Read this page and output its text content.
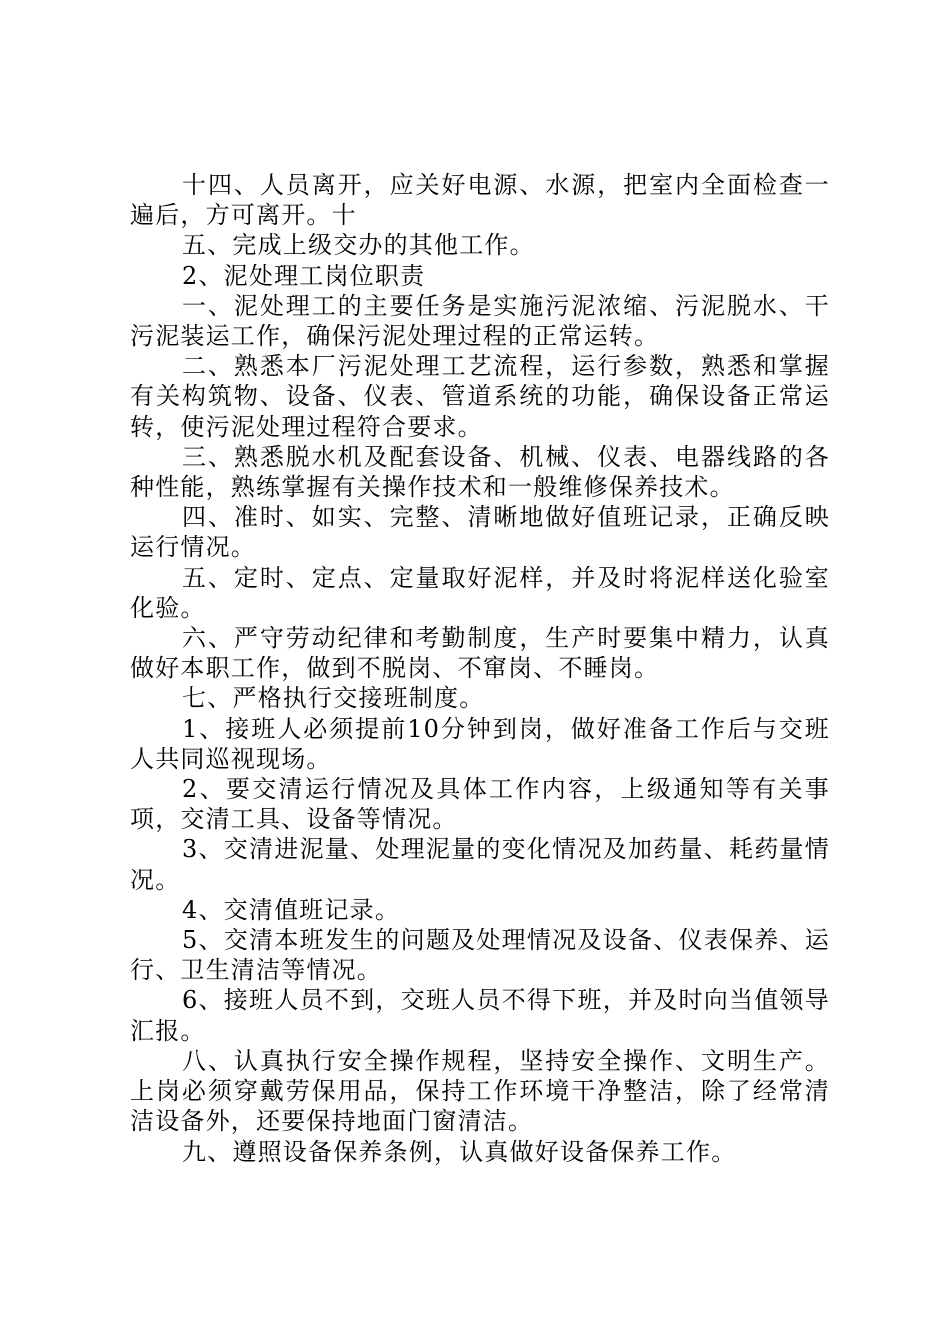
十四、人员离开，应关好电源、水源，把室内全面检查一遍后，方可离开。十

五、完成上级交办的其他工作。

2、泥处理工岗位职责

一、泥处理工的主要任务是实施污泥浓缩、污泥脱水、干污泥装运工作，确保污泥处理过程的正常运转。

二、熟悉本厂污泥处理工艺流程，运行参数，熟悉和掌握有关构筑物、设备、仪表、管道系统的功能，确保设备正常运转，使污泥处理过程符合要求。

三、熟悉脱水机及配套设备、机械、仪表、电器线路的各种性能，熟练掌握有关操作技术和一般维修保养技术。

四、准时、如实、完整、清晰地做好值班记录，正确反映运行情况。

五、定时、定点、定量取好泥样，并及时将泥样送化验室化验。

六、严守劳动纪律和考勤制度，生产时要集中精力，认真做好本职工作，做到不脱岗、不窜岗、不睡岗。

七、严格执行交接班制度。

1、接班人必须提前10分钟到岗，做好准备工作后与交班人共同巡视现场。

2、要交清运行情况及具体工作内容，上级通知等有关事项，交清工具、设备等情况。

3、交清进泥量、处理泥量的变化情况及加药量、耗药量情况。

4、交清值班记录。

5、交清本班发生的问题及处理情况及设备、仪表保养、运行、卫生清洁等情况。

6、接班人员不到，交班人员不得下班，并及时向当值领导汇报。

八、认真执行安全操作规程，坚持安全操作、文明生产。上岗必须穿戴劳保用品，保持工作环境干净整洁，除了经常清洁设备外，还要保持地面门窗清洁。

九、遵照设备保养条例，认真做好设备保养工作。
